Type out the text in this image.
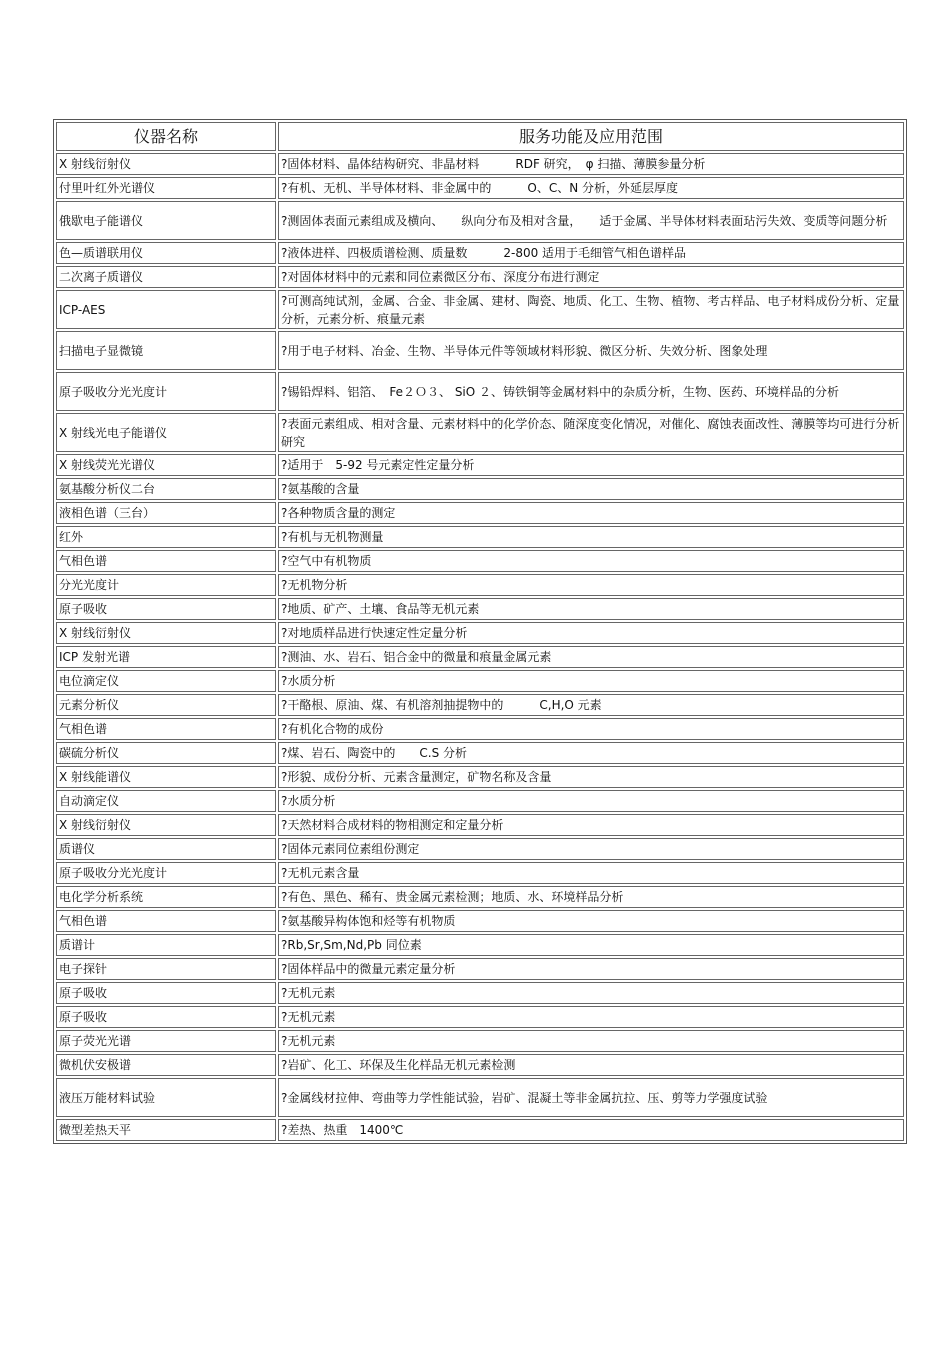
仪器名称	服务功能及应用范围
X 射线衍射仪	?固体材料、晶体结构研究、非晶材料　　　RDF 研究，　φ 扫描、薄膜参量分析
付里叶红外光谱仪	?有机、无机、半导体材料、非金属中的　　　O、C、N 分析，外延层厚度
俄歇电子能谱仪	?测固体表面元素组成及横向、　　纵向分布及相对含量，　　适于金属、半导体材料表面玷污失效、变质等问题分析
色—质谱联用仪	?液体进样、四极质谱检测、质量数　　　2-800 适用于毛细管气相色谱样品
二次离子质谱仪	?对固体材料中的元素和同位素微区分布、深度分布进行测定
ICP-AES	?可测高纯试剂，金属、合金、非金属、建材、陶瓷、地质、化工、生物、植物、考古样品、电子材料成份分析、定量分析，元素分析、痕量元素
扫描电子显微镜	?用于电子材料、冶金、生物、半导体元件等领域材料形貌、微区分析、失效分析、图象处理
原子吸收分光光度计	?锡铅焊料、铝箔、　Fe２Ｏ３、 SiO ２、铸铁铜等金属材料中的杂质分析，生物、医药、环境样品的分析
X 射线光电子能谱仪	?表面元素组成、相对含量、元素材料中的化学价态、随深度变化情况，对催化、腐蚀表面改性、薄膜等均可进行分析研究
X 射线荧光光谱仪	?适用于　5-92 号元素定性定量分析
氨基酸分析仪二台	?氨基酸的含量
液相色谱（三台）	?各种物质含量的测定
红外	?有机与无机物测量
气相色谱	?空气中有机物质
分光光度计	?无机物分析
原子吸收	?地质、矿产、土壤、食品等无机元素
X 射线衍射仪	?对地质样品进行快速定性定量分析
ICP 发射光谱	?测油、水、岩石、铝合金中的微量和痕量金属元素
电位滴定仪	?水质分析
元素分析仪	?干酪根、原油、煤、有机溶剂抽提物中的　　　C,H,O 元素
气相色谱	?有机化合物的成份
碳硫分析仪	?煤、岩石、陶瓷中的　　C.S 分析
X 射线能谱仪	?形貌、成份分析、元素含量测定，矿物名称及含量
自动滴定仪	?水质分析
X 射线衍射仪	?天然材料合成材料的物相测定和定量分析
质谱仪	?固体元素同位素组份测定
原子吸收分光光度计	?无机元素含量
电化学分析系统	?有色、黑色、稀有、贵金属元素检测；地质、水、环境样品分析
气相色谱	?氨基酸异构体饱和烃等有机物质
质谱计	?Rb,Sr,Sm,Nd,Pb 同位素
电子探针	?固体样品中的微量元素定量分析
原子吸收	?无机元素
原子吸收	?无机元素
原子荧光光谱	?无机元素
微机伏安极谱	?岩矿、化工、环保及生化样品无机元素检测
液压万能材料试验	?金属线材拉伸、弯曲等力学性能试验，岩矿、混凝土等非金属抗拉、压、剪等力学强度试验
微型差热天平	?差热、热重　1400℃
